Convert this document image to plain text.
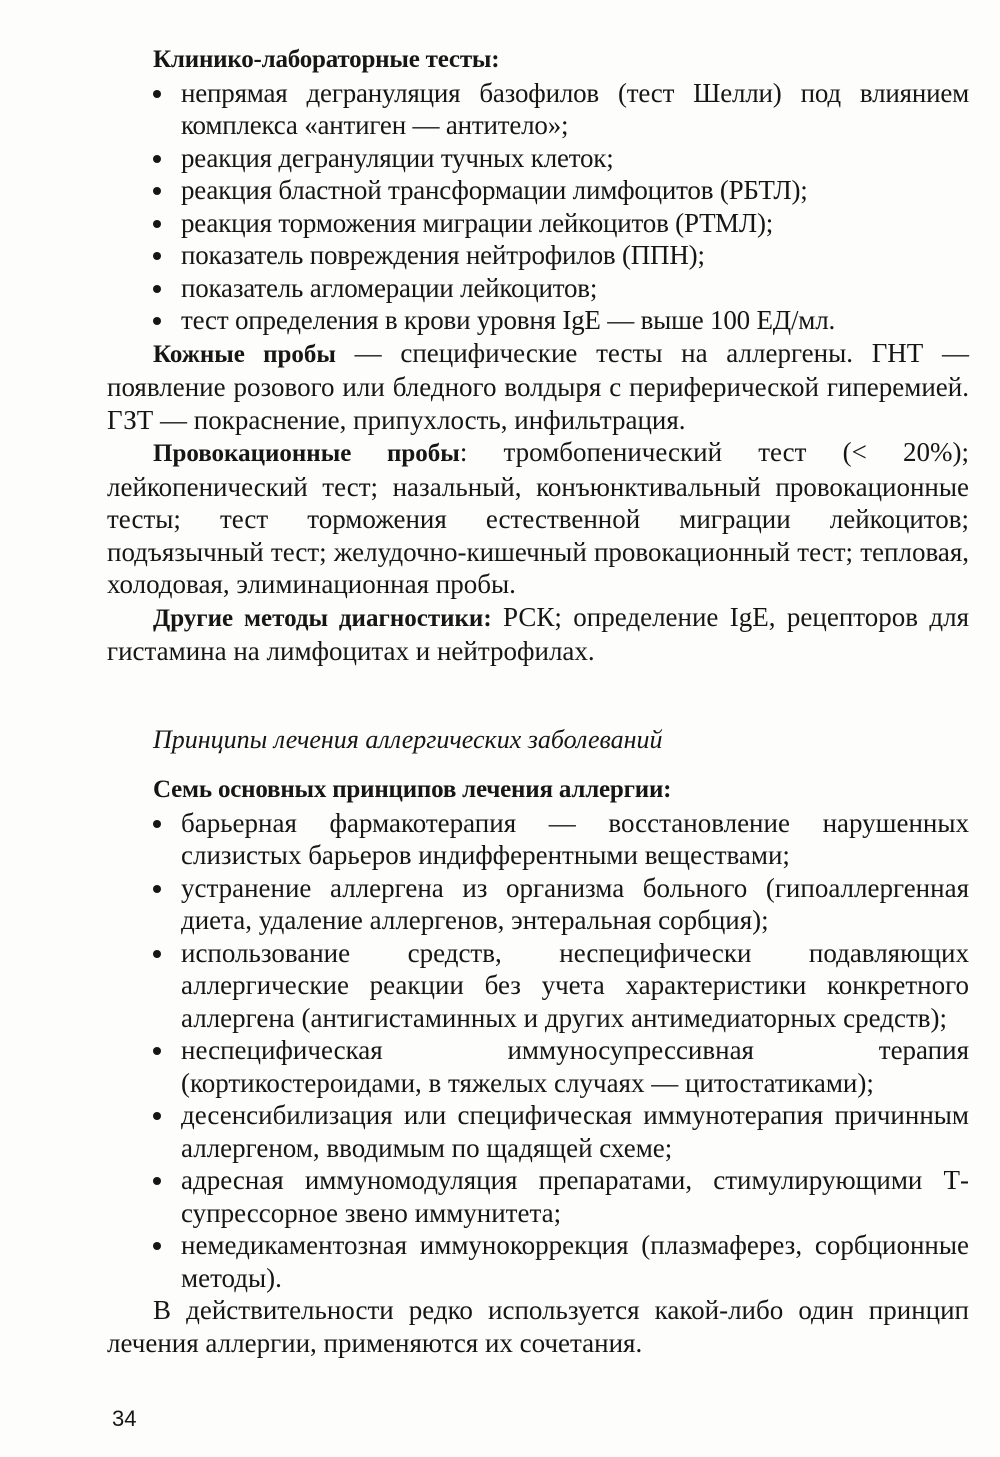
Клинико-лабораторные тесты:
непрямая дегрануляция базофилов (тест Шелли) под влиянием комплекса «антиген — антитело»;
реакция дегрануляции тучных клеток;
реакция бластной трансформации лимфоцитов (РБТЛ);
реакция торможения миграции лейкоцитов (РТМЛ);
показатель повреждения нейтрофилов (ППН);
показатель агломерации лейкоцитов;
тест определения в крови уровня IgE — выше 100 ЕД/мл.

Кожные пробы — специфические тесты на аллергены. ГНТ — появление розового или бледного волдыря с периферической гиперемией. ГЗТ — покраснение, припухлость, инфильтрация.

Провокационные пробы: тромбопенический тест (< 20%); лейкопенический тест; назальный, конъюнктивальный провокационные тесты; тест торможения естественной миграции лейкоцитов; подъязычный тест; желудочно-кишечный провокационный тест; тепловая, холодовая, элиминационная пробы.

Другие методы диагностики: РСК; определение IgE, рецепторов для гистамина на лимфоцитах и нейтрофилах.

Принципы лечения аллергических заболеваний
Семь основных принципов лечения аллергии:
барьерная фармакотерапия — восстановление нарушенных слизистых барьеров индифферентными веществами;
устранение аллергена из организма больного (гипоаллергенная диета, удаление аллергенов, энтеральная сорбция);
использование средств, неспецифически подавляющих аллергические реакции без учета характеристики конкретного аллергена (антигистаминных и других антимедиаторных средств);
неспецифическая иммуносупрессивная терапия (кортикостероидами, в тяжелых случаях — цитостатиками);
десенсибилизация или специфическая иммунотерапия причинным аллергеном, вводимым по щадящей схеме;
адресная иммуномодуляция препаратами, стимулирующими Т-супрессорное звено иммунитета;
немедикаментозная иммунокоррекция (плазмаферез, сорбционные методы).

В действительности редко используется какой-либо один принцип лечения аллергии, применяются их сочетания.

34
